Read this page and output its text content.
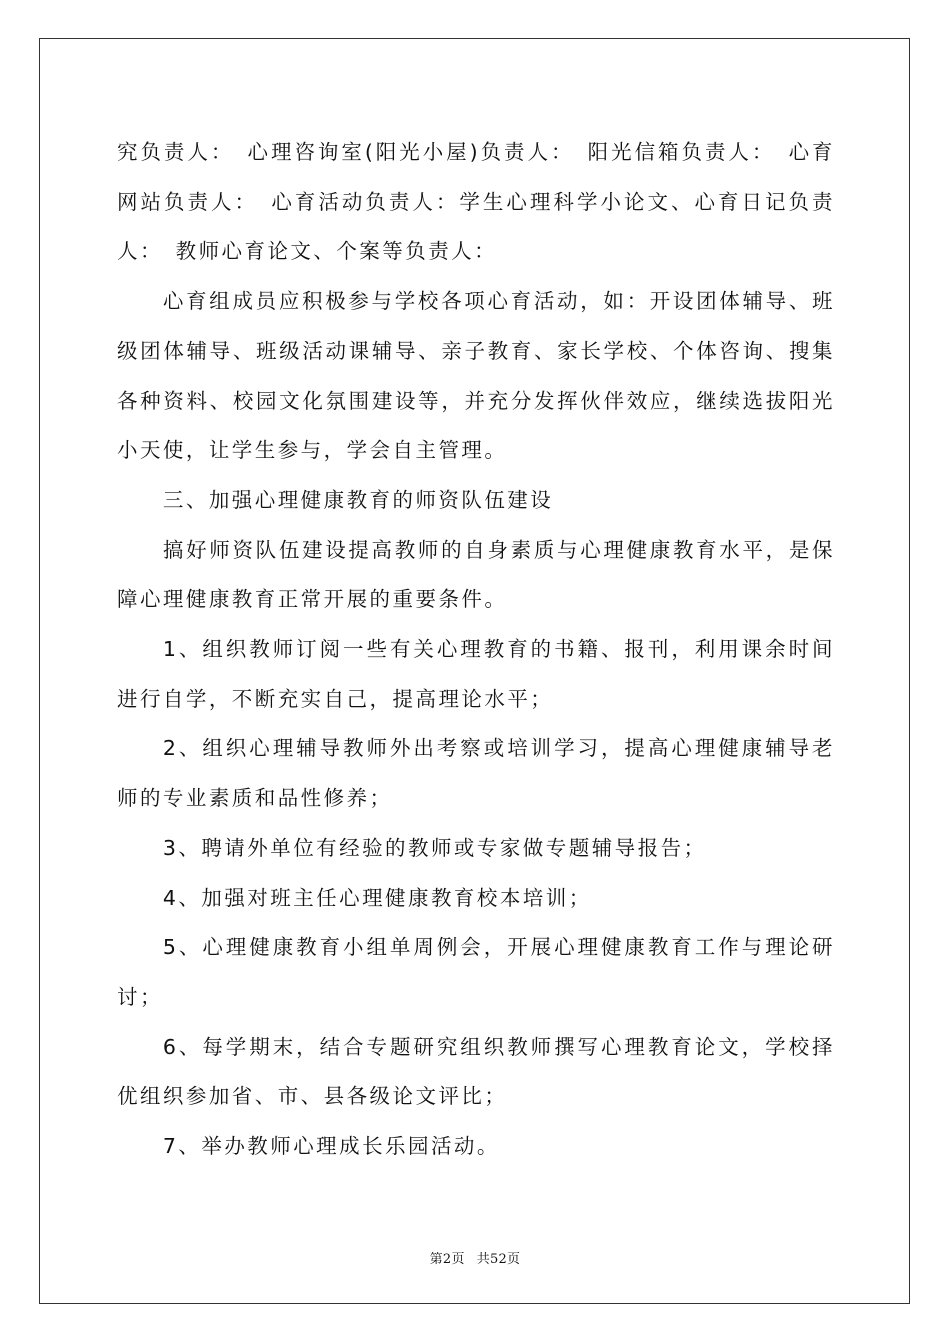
究负责人：　心理咨询室(阳光小屋)负责人：　阳光信箱负责人：　心育网站负责人：　心育活动负责人：学生心理科学小论文、心育日记负责人：　教师心育论文、个案等负责人：

心育组成员应积极参与学校各项心育活动，如：开设团体辅导、班级团体辅导、班级活动课辅导、亲子教育、家长学校、个体咨询、搜集各种资料、校园文化氛围建设等，并充分发挥伙伴效应，继续选拔阳光小天使，让学生参与，学会自主管理。

三、加强心理健康教育的师资队伍建设

搞好师资队伍建设提高教师的自身素质与心理健康教育水平，是保障心理健康教育正常开展的重要条件。

1、组织教师订阅一些有关心理教育的书籍、报刊，利用课余时间进行自学，不断充实自己，提高理论水平；

2、组织心理辅导教师外出考察或培训学习，提高心理健康辅导老师的专业素质和品性修养；

3、聘请外单位有经验的教师或专家做专题辅导报告；

4、加强对班主任心理健康教育校本培训；

5、心理健康教育小组单周例会，开展心理健康教育工作与理论研讨；

6、每学期末，结合专题研究组织教师撰写心理教育论文，学校择优组织参加省、市、县各级论文评比；

7、举办教师心理成长乐园活动。

第2页 共52页
